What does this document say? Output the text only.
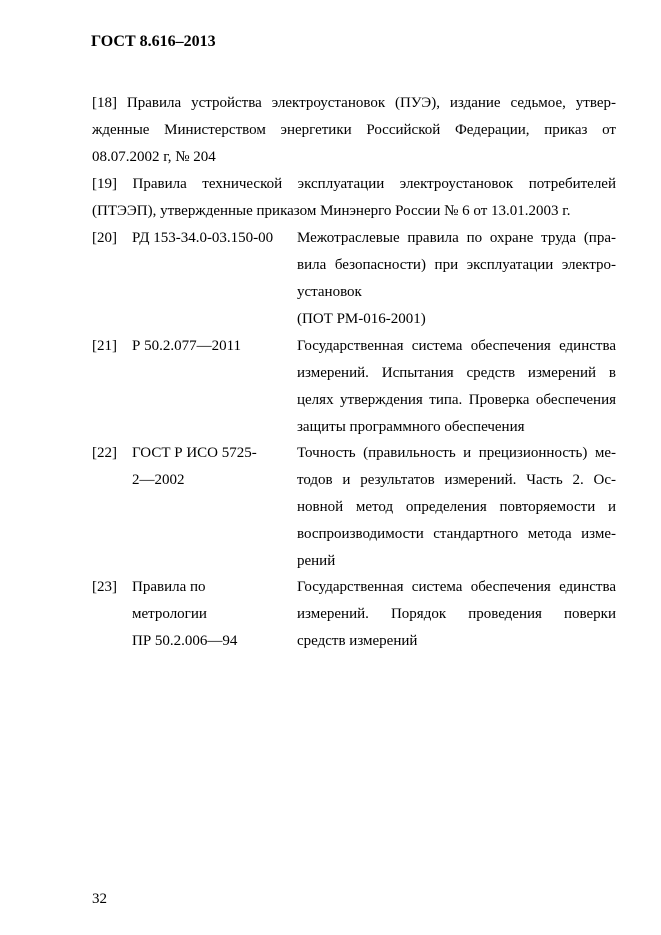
ГОСТ 8.616–2013
[18] Правила устройства электроустановок (ПУЭ), издание седьмое, утвер-
жденные Министерством энергетики Российской Федерации, приказ от
08.07.2002 г, № 204
[19] Правила технической эксплуатации электроустановок потребителей
(ПТЭЭП), утвержденные приказом Минэнерго России № 6 от 13.01.2003 г.
[20] РД 153-34.0-03.150-00	Межотраслевые правила по охране труда (пра-
вила безопасности) при эксплуатации электро-
установок
(ПОТ РМ-016-2001)
[21] Р 50.2.077—2011	Государственная система обеспечения единства
измерений. Испытания средств измерений в
целях утверждения типа. Проверка обеспечения
защиты программного обеспечения
[22] ГОСТ Р ИСО 5725-
2—2002
Точность (правильность и прецизионность) ме-
тодов и результатов измерений. Часть 2. Ос-
новной метод определения повторяемости и
воспроизводимости стандартного метода изме-
рений
[23] Правила по
метрологии
ПР 50.2.006—94
Государственная система обеспечения единства
измерений. Порядок проведения поверки
средств измерений
32
